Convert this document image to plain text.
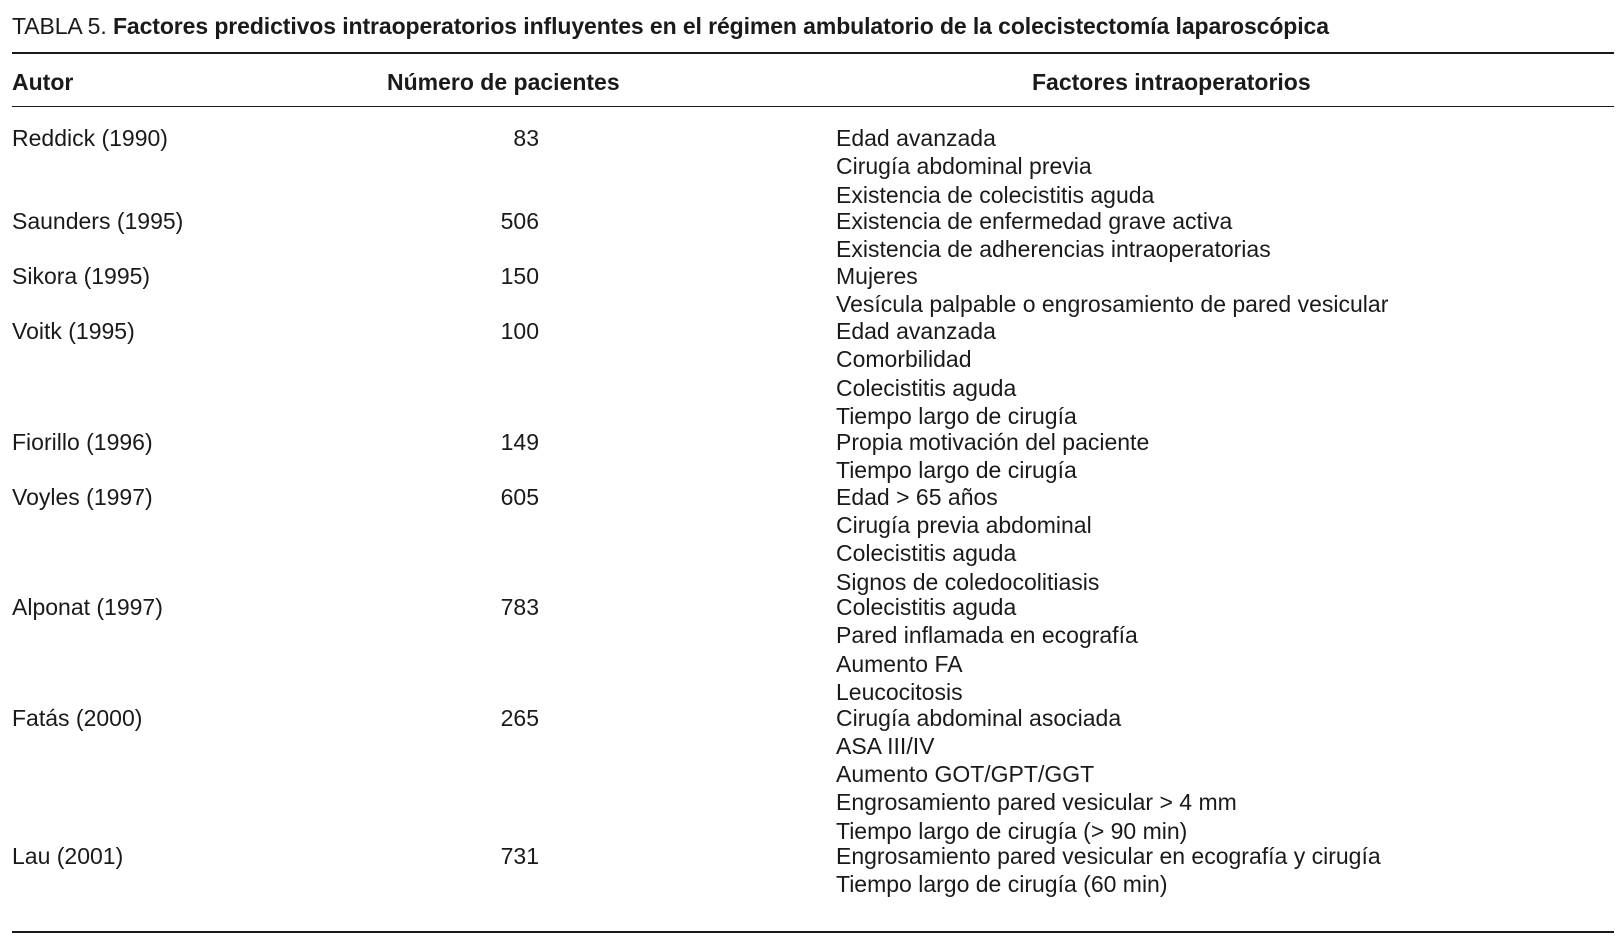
TABLA 5. Factores predictivos intraoperatorios influyentes en el régimen ambulatorio de la colecistectomía laparoscópica
Autor	Número de pacientes	Factores intraoperatorios
Reddick (1990)	83	Edad avanzada
Cirugía abdominal previa
Existencia de colecistitis aguda
Saunders (1995)	506	Existencia de enfermedad grave activa
Existencia de adherencias intraoperatorias
Sikora (1995)	150	Mujeres
Vesícula palpable o engrosamiento de pared vesicular
Voitk (1995)	100	Edad avanzada
Comorbilidad
Colecistitis aguda
Tiempo largo de cirugía
Fiorillo (1996)	149	Propia motivación del paciente
Tiempo largo de cirugía
Voyles (1997)	605	Edad > 65 años
Cirugía previa abdominal
Colecistitis aguda
Signos de coledocolitiasis
Alponat (1997)	783	Colecistitis aguda
Pared inflamada en ecografía
Aumento FA
Leucocitosis
Fatás (2000)	265	Cirugía abdominal asociada
ASA III/IV
Aumento GOT/GPT/GGT
Engrosamiento pared vesicular > 4 mm
Tiempo largo de cirugía (> 90 min)
Lau (2001)	731	Engrosamiento pared vesicular en ecografía y cirugía
Tiempo largo de cirugía (60 min)
